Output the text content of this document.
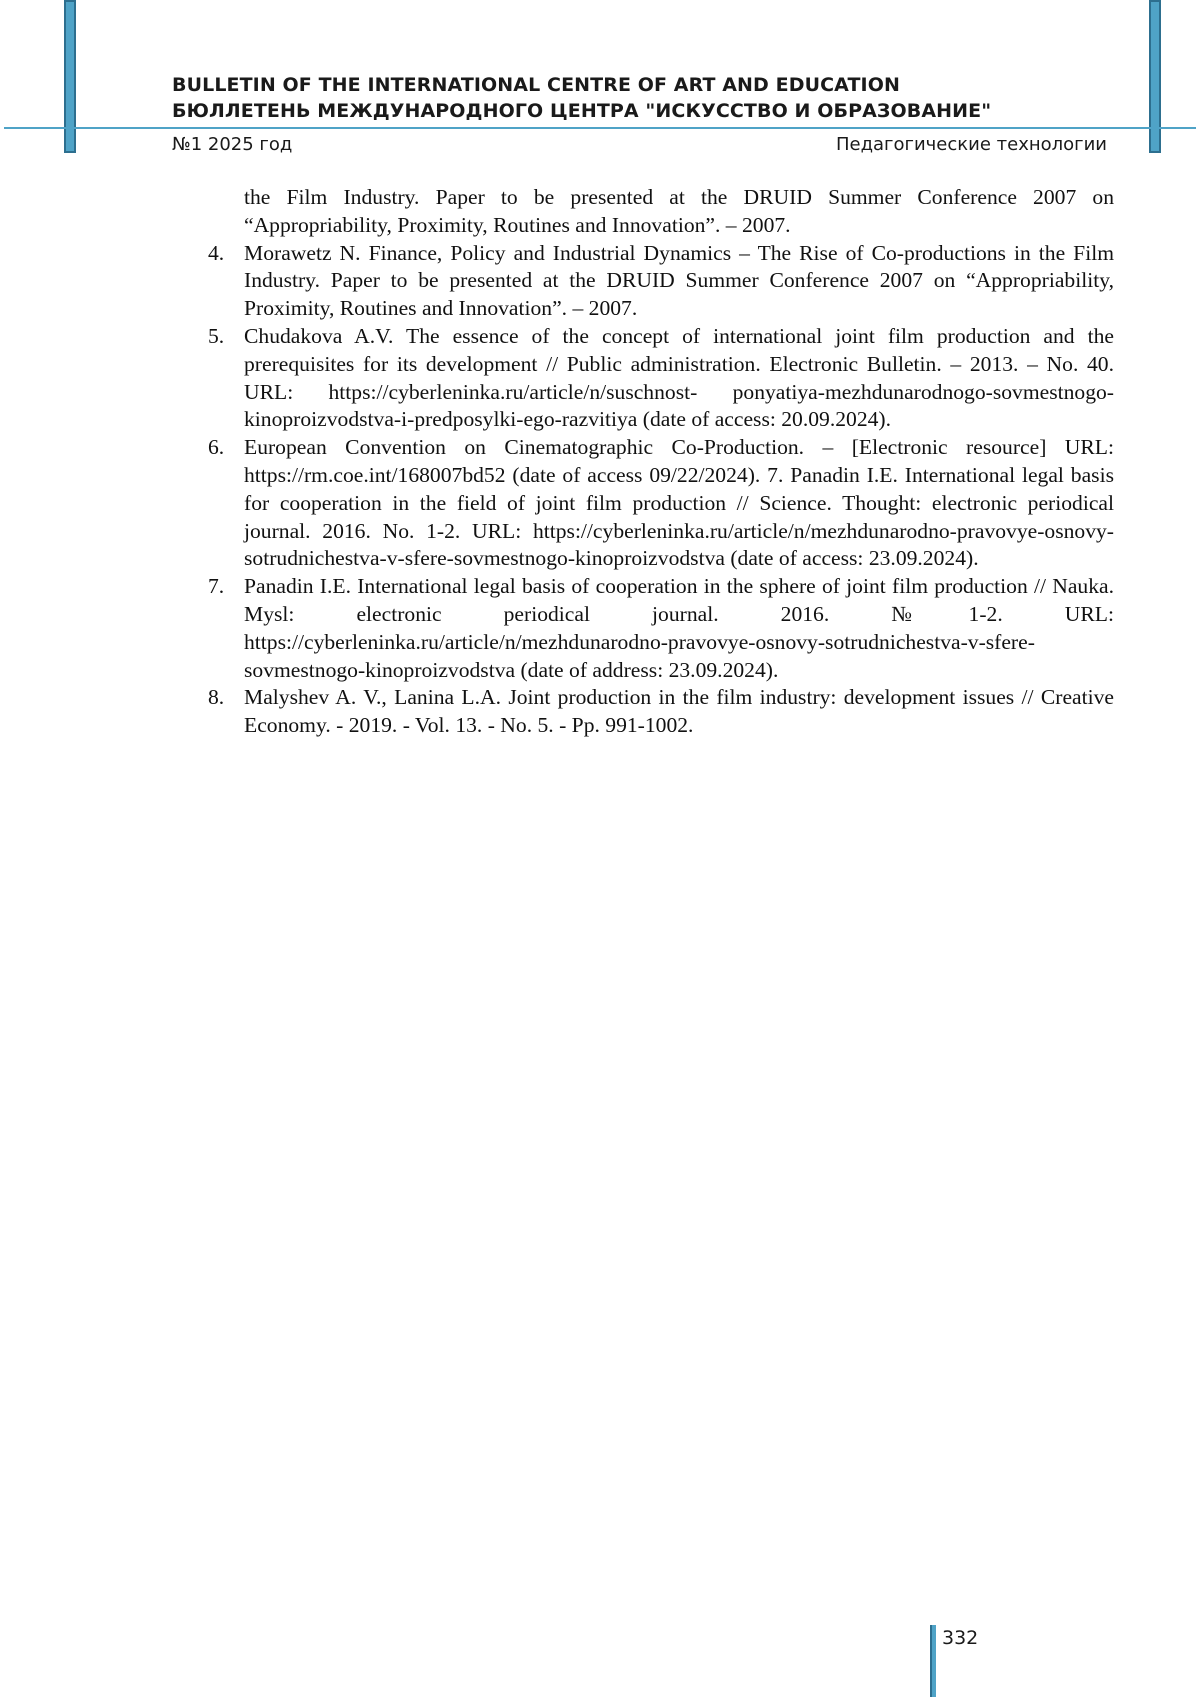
BULLETIN OF THE INTERNATIONAL CENTRE OF ART AND EDUCATION
БЮЛЛЕТЕНЬ МЕЖДУНАРОДНОГО ЦЕНТРА "ИСКУССТВО И ОБРАЗОВАНИЕ"
№1 2025 год	Педагогические технологии
the Film Industry. Paper to be presented at the DRUID Summer Conference 2007 on “Appropriability, Proximity, Routines and Innovation”. – 2007.
4. Morawetz N. Finance, Policy and Industrial Dynamics – The Rise of Co-productions in the Film Industry. Paper to be presented at the DRUID Summer Conference 2007 on “Appropriability, Proximity, Routines and Innovation”. – 2007.
5. Chudakova A.V. The essence of the concept of international joint film production and the prerequisites for its development // Public administration. Electronic Bulletin. – 2013. – No. 40. URL: https://cyberleninka.ru/article/n/suschnost- ponyatiya-mezhdunarodnogo-sovmestnogo-kinoproizvodstva-i-predposylki-ego-razvitiya (date of access: 20.09.2024).
6. European Convention on Cinematographic Co-Production. – [Electronic resource] URL: https://rm.coe.int/168007bd52 (date of access 09/22/2024). 7. Panadin I.E. International legal basis for cooperation in the field of joint film production // Science. Thought: electronic periodical journal. 2016. No. 1-2. URL: https://cyberleninka.ru/article/n/mezhdunarodno-pravovye-osnovy-sotrudnichestva-v-sfere-sovmestnogo-kinoproizvodstva (date of access: 23.09.2024).
7. Panadin I.E. International legal basis of cooperation in the sphere of joint film production // Nauka. Mysl: electronic periodical journal. 2016. №1-2. URL: https://cyberleninka.ru/article/n/mezhdunarodno-pravovye-osnovy-sotrudnichestva-v-sfere-sovmestnogo-kinoproizvodstva (date of address: 23.09.2024).
8. Malyshev A. V., Lanina L.A. Joint production in the film industry: development issues // Creative Economy. - 2019. - Vol. 13. - No. 5. - Pp. 991-1002.
332
